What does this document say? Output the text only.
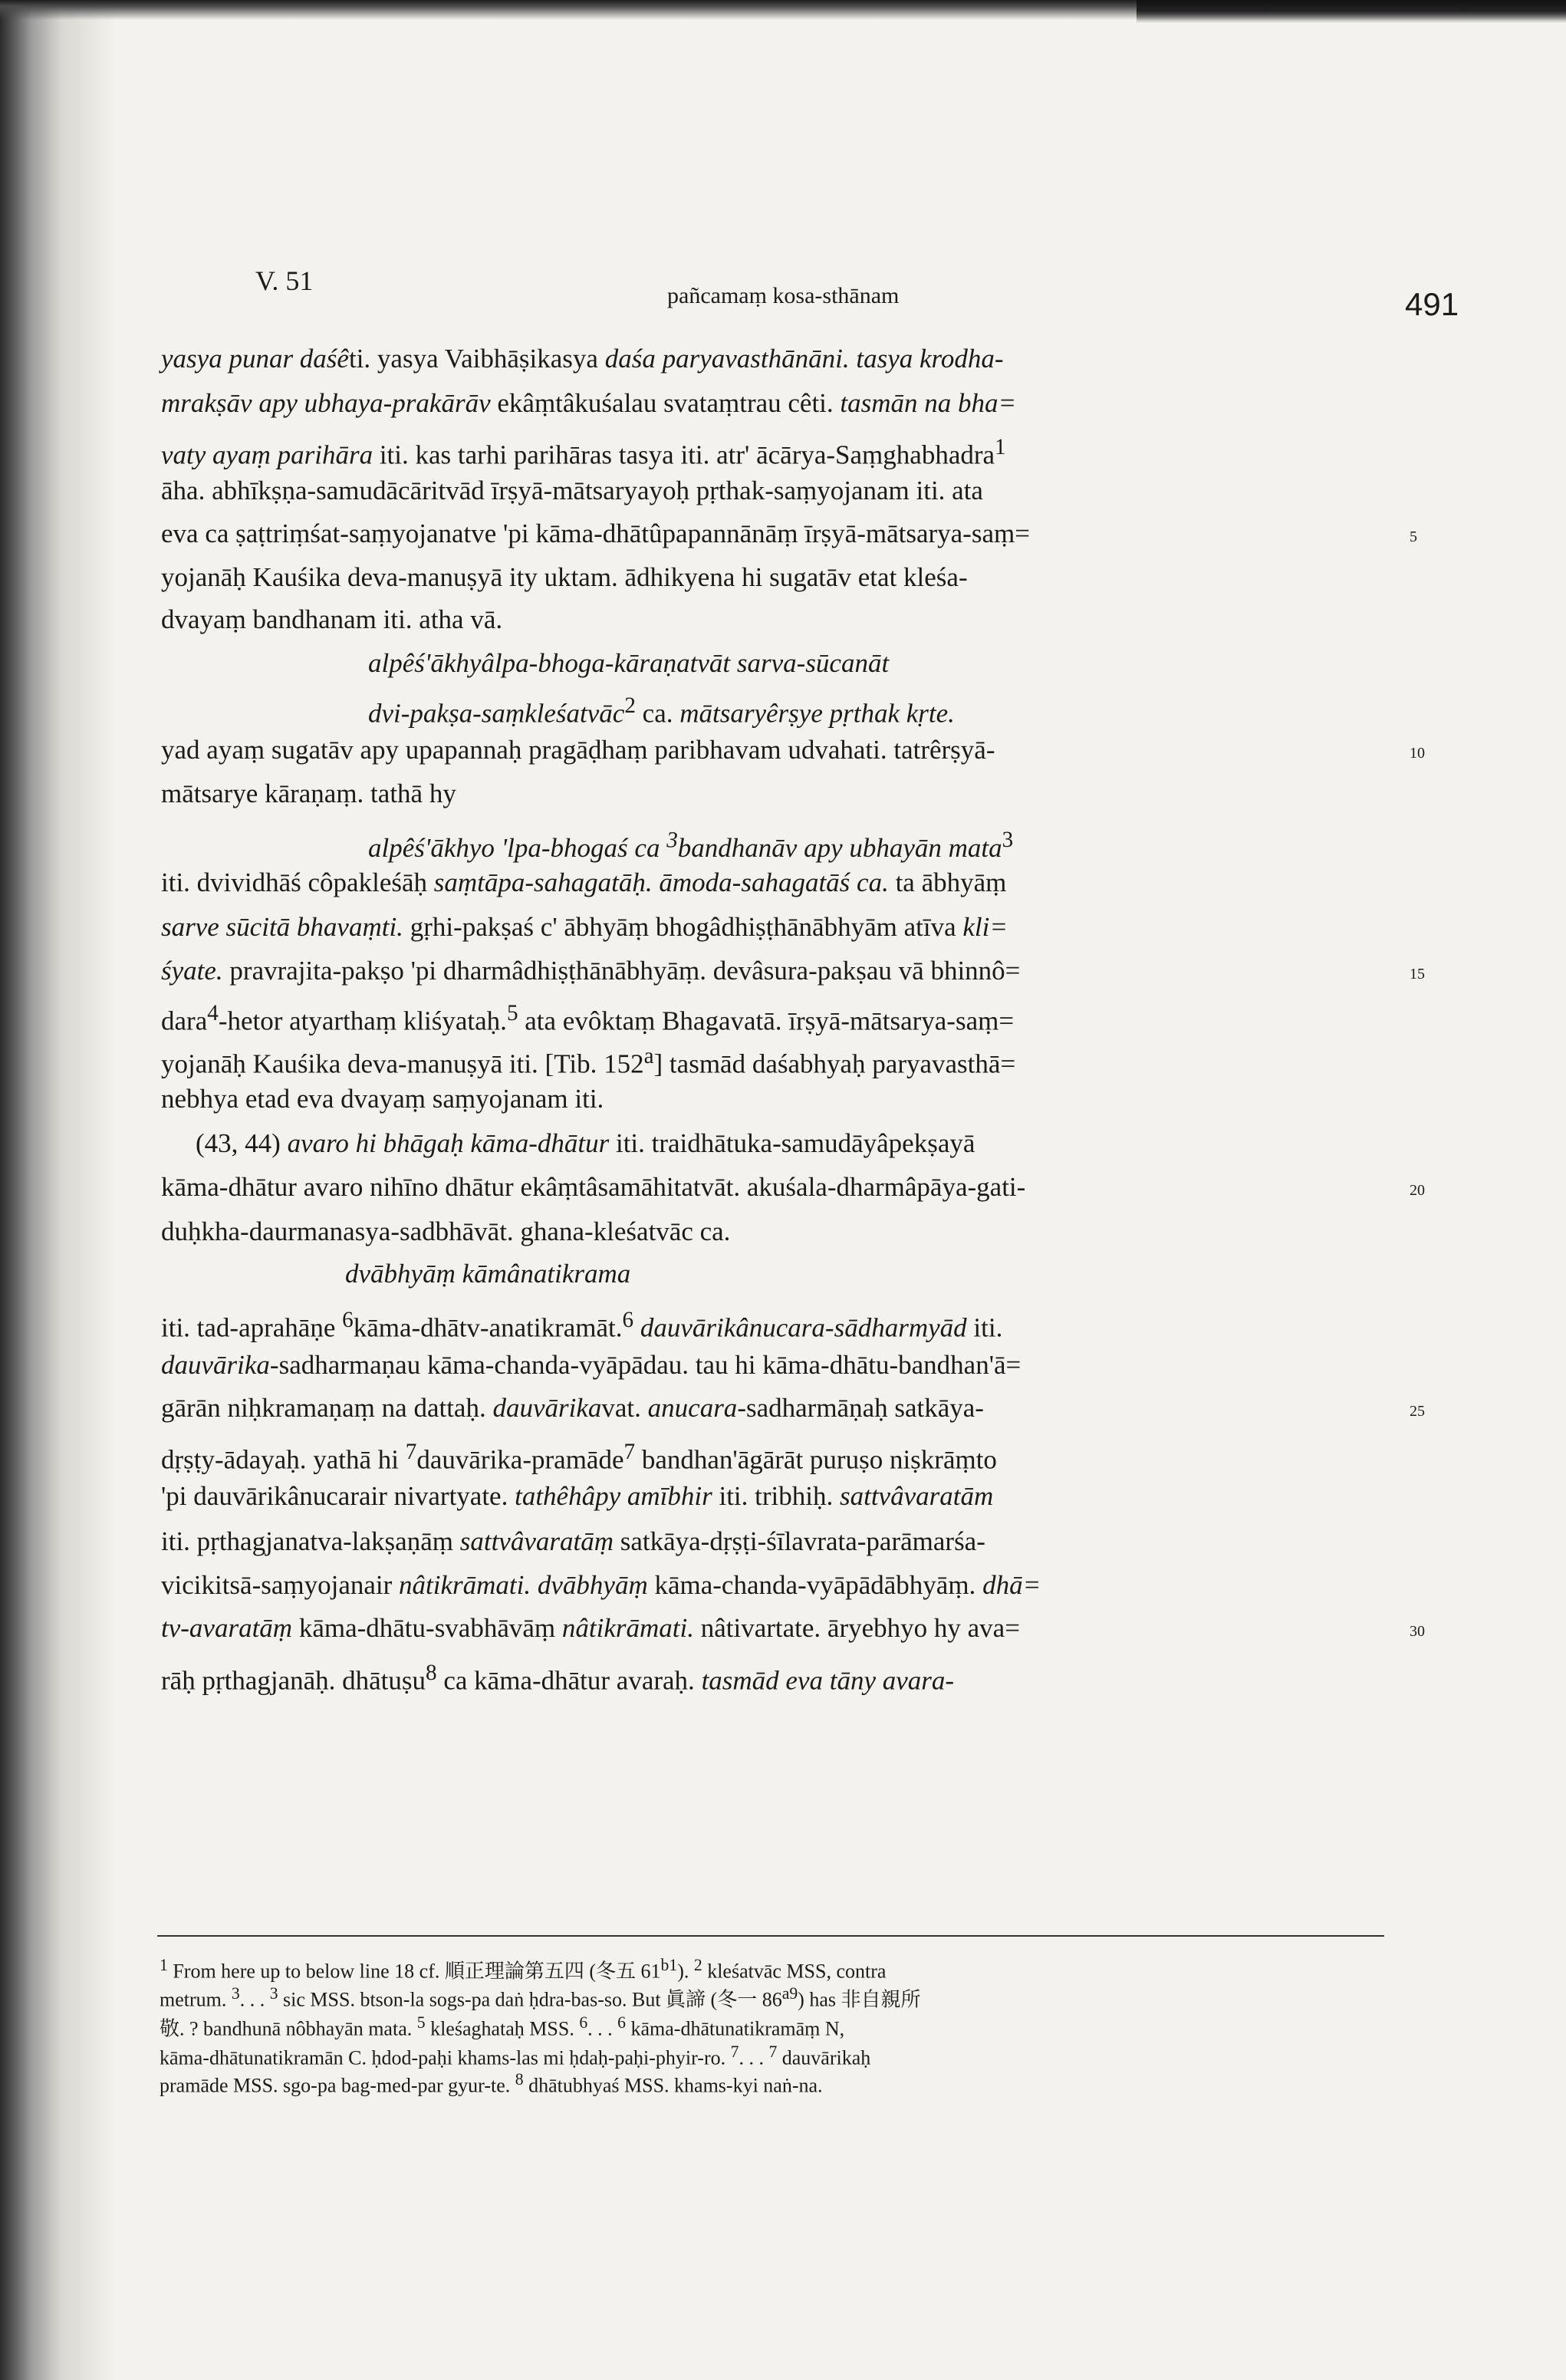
V. 51	pañcamaṃ kosa-sthānam	491
yasya punar daśêti. yasya Vaibhāṣikasya daśa paryavasthānāni. tasya krodha-
mrakṣāv apy ubhaya-prakārāv ekâṃtâkuśalau svataṃtrau cêti. tasmān na bha=
vaty ayaṃ parihāra iti. kas tarhi parihāras tasya iti. atr' ācārya-Saṃghabhadra$^1$
āha. abhīkṣṇa-samudācāritvād īrṣyā-mātsaryayoḥ pṛthak-saṃyojanam iti. ata
eva ca ṣaṭtriṃśat-saṃyojanatve 'pi kāma-dhātûpapannānāṃ īrṣyā-mātsarya-saṃ=
yojanāḥ Kauśika deva-manuṣyā ity uktam. ādhikyena hi sugatāv etat kleśa-
dvayaṃ bandhanam iti. atha vā.
alpêś'ākhyâlpa-bhoga-kāraṇatvāt sarva-sūcanāt
dvi-pakṣa-saṃkleśatvāc$^2$ ca. mātsaryêrṣye pṛthak kṛte.
yad ayaṃ sugatāv apy upapannaḥ pragāḍhaṃ paribhavam udvahati. tatrêrṣyā-
mātsarye kāraṇaṃ. tathā hy
alpêś'ākhyo 'lpa-bhogaś ca $^3$bandhanāv apy ubhayān mata$^3$
iti. dvividhāś côpakleśāḥ saṃtāpa-sahagatāḥ. āmoda-sahagatāś ca. ta ābhyāṃ
sarve sūcitā bhavaṃti. gṛhi-pakṣaś c' ābhyāṃ bhogâdhiṣṭhānābhyām atīva kli=
śyate. pravrajita-pakṣo 'pi dharmâdhiṣṭhānābhyāṃ. devâsura-pakṣau vā bhinnô=
dara$^4$-hetor atyarthaṃ kliśyataḥ.$^5$ ata evôktaṃ Bhagavatā. īrṣyā-mātsarya-saṃ=
yojanāḥ Kauśika deva-manuṣyā iti. [Tib. 152$^a$] tasmād daśabhyaḥ paryavasthā=
nebhya etad eva dvayaṃ saṃyojanam iti.
(43, 44) avaro hi bhāgaḥ kāma-dhātur iti. traidhātuka-samudāyâpekṣayā
kāma-dhātur avaro nihīno dhātur ekâṃtâsamāhitatvāt. akuśala-dharmâpāya-gati-
duḥkha-daurmanasya-sadbhāvāt. ghana-kleśatvāc ca.
dvābhyāṃ kāmânatikrama
iti. tad-aprahāṇe $^6$kāma-dhātv-anatikramāt.$^6$ dauvārikânucara-sādharmyād iti.
dauvārika-sadharmaṇau kāma-chanda-vyāpādau. tau hi kāma-dhātu-bandhan'ā=
gārān niḥkramaṇaṃ na dattaḥ. dauvārikavat. anucara-sadharmāṇaḥ satkāya-
dṛṣṭy-ādayaḥ. yathā hi $^7$dauvārika-pramāde$^7$ bandhan'āgārāt puruṣo niṣkrāṃto
'pi dauvārikânucarair nivartyate. tathêhâpy amībhir iti. tribhiḥ. sattvâvaratām
iti. pṛthagjanatva-lakṣaṇāṃ sattvâvaratāṃ satkāya-dṛṣṭi-śīlavrata-parāmarśa-
vicikitsā-saṃyojanair nâtikrāmati. dvābhyāṃ kāma-chanda-vyāpādābhyāṃ. dhā=
tv-avaratāṃ kāma-dhātu-svabhāvāṃ nâtikrāmati. nâtivartate. āryebhyo hy ava=
rāḥ pṛthagjanāḥ. dhātuṣu$^8$ ca kāma-dhātur avaraḥ. tasmād eva tāny avara-
5
10
15
20
25
30
$^1$ From here up to below line 18 cf. 順正理論第五四 (冬五 $61^{b1}$). $^2$ kleśatvāc MSS, contra
metrum. $^3$. . . $^3$ sic MSS. btson-la sogs-pa daṅ ḥdra-bas-so. But 眞諦 (冬一 $86^{a9}$) has 非自親所
敬. ? bandhunā nôbhayān mata. $^5$ kleśaghataḥ MSS. $^6$. . . $^6$ kāma-dhātunatikramāṃ N,
kāma-dhātunatikramān C. ḥdod-paḥi khams-las mi ḥdaḥ-paḥi-phyir-ro. $^7$. . . $^7$ dauvārikaḥ
pramāde MSS. sgo-pa bag-med-par gyur-te. $^8$ dhātubhyaś MSS. khams-kyi naṅ-na.
